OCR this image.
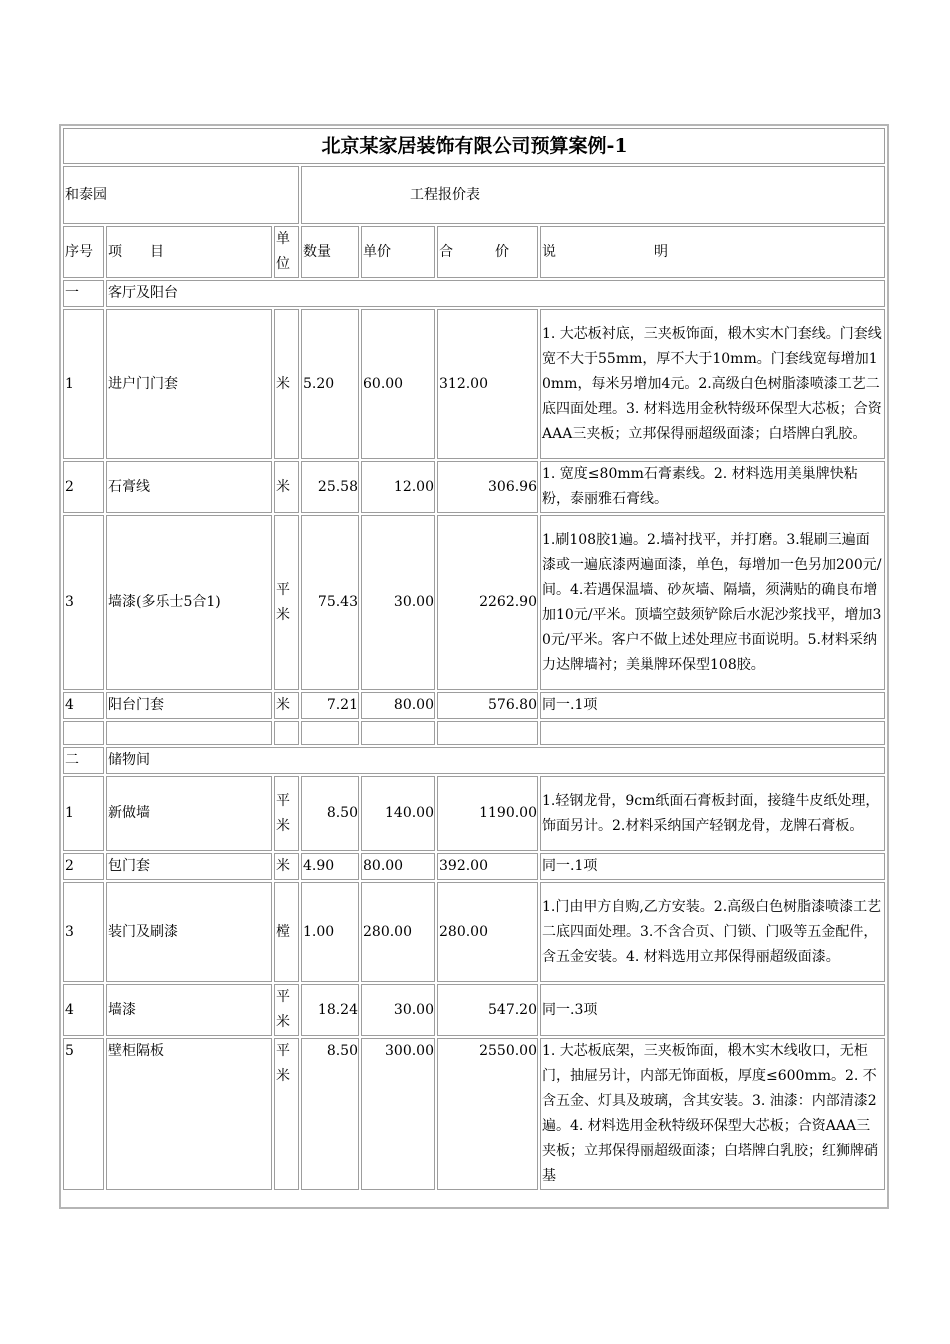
北京某家居装饰有限公司预算案例-1						
和泰园			工程报价表			
序号	项　　目	单位	数量	单价	合　　　价	说　　　　　　　明
一	客厅及阳台					
1	进户门门套	米	5.20	60.00	312.00	1. 大芯板衬底，三夹板饰面，椴木实木门套线。门套线宽不大于55mm，厚不大于10mm。门套线宽每增加10mm，每米另增加4元。2.高级白色树脂漆喷漆工艺二底四面处理。3. 材料选用金秋特级环保型大芯板；合资AAA三夹板；立邦保得丽超级面漆；白塔牌白乳胶。
2	石膏线	米	25.58	12.00	306.96	1. 宽度≤80mm石膏素线。2. 材料选用美巢牌快粘粉，泰丽雅石膏线。
3	墙漆(多乐士5合1)	平米	75.43	30.00	2262.90	1.刷108胶1遍。2.墙衬找平，并打磨。3.辊刷三遍面漆或一遍底漆两遍面漆，单色，每增加一色另加200元/间。4.若遇保温墙、砂灰墙、隔墙，须满贴的确良布增加10元/平米。顶墙空鼓须铲除后水泥沙浆找平，增加30元/平米。客户不做上述处理应书面说明。5.材料采纳力达牌墙衬；美巢牌环保型108胶。
4	阳台门套	米	7.21	80.00	576.80	同一.1项

二	储物间					
1	新做墙	平米	8.50	140.00	1190.00	1.轻钢龙骨，9cm纸面石膏板封面，接缝牛皮纸处理，饰面另计。2.材料采纳国产轻钢龙骨，龙牌石膏板。
2	包门套	米	4.90	80.00	392.00	同一.1项
3	装门及刷漆	樘	1.00	280.00	280.00	1.门由甲方自购,乙方安装。2.高级白色树脂漆喷漆工艺二底四面处理。3.不含合页、门锁、门吸等五金配件，含五金安装。4. 材料选用立邦保得丽超级面漆。
4	墙漆	平米	18.24	30.00	547.20	同一.3项
5	壁柜隔板	平米	8.50	300.00	2550.00	1. 大芯板底架，三夹板饰面，椴木实木线收口，无柜门，抽屉另计，内部无饰面板，厚度≤600mm。2. 不含五金、灯具及玻璃，含其安装。3. 油漆：内部清漆2遍。4. 材料选用金秋特级环保型大芯板；合资AAA三夹板；立邦保得丽超级面漆；白塔牌白乳胶；红狮牌硝基
